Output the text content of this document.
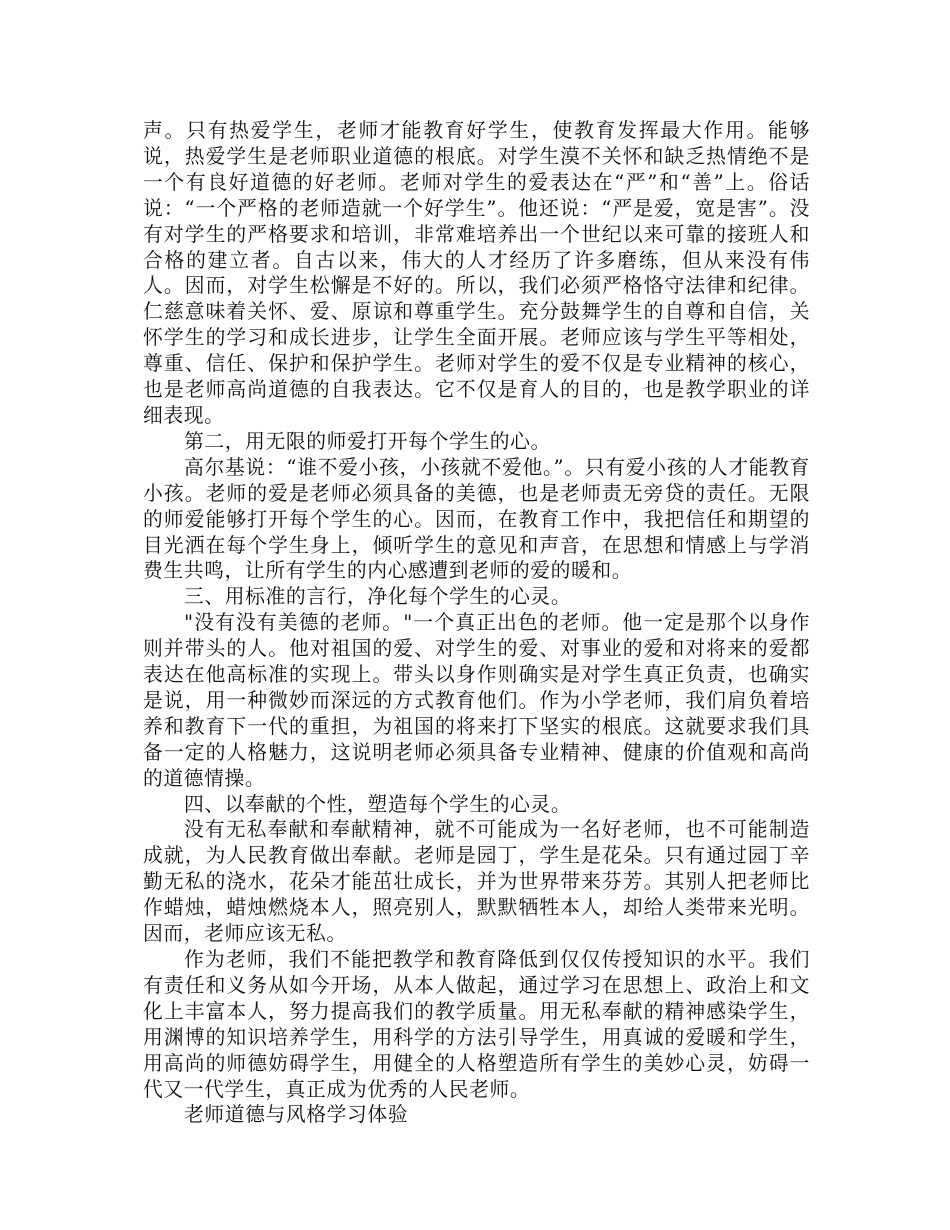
声。只有热爱学生，老师才能教育好学生，使教育发挥最大作用。能够说，热爱学生是老师职业道德的根底。对学生漠不关怀和缺乏热情绝不是一个有良好道德的好老师。老师对学生的爱表达在“严”和“善”上。俗话说：“一个严格的老师造就一个好学生”。他还说：“严是爱，宽是害”。没有对学生的严格要求和培训，非常难培养出一个世纪以来可靠的接班人和合格的建立者。自古以来，伟大的人才经历了许多磨练，但从来没有伟人。因而，对学生松懈是不好的。所以，我们必须严格恪守法律和纪律。仁慈意味着关怀、爱、原谅和尊重学生。充分鼓舞学生的自尊和自信，关怀学生的学习和成长进步，让学生全面开展。老师应该与学生平等相处，尊重、信任、保护和保护学生。老师对学生的爱不仅是专业精神的核心，也是老师高尚道德的自我表达。它不仅是育人的目的，也是教学职业的详细表现。

第二，用无限的师爱打开每个学生的心。

高尔基说：“谁不爱小孩，小孩就不爱他。”。只有爱小孩的人才能教育小孩。老师的爱是老师必须具备的美德，也是老师责无旁贷的责任。无限的师爱能够打开每个学生的心。因而，在教育工作中，我把信任和期望的目光洒在每个学生身上，倾听学生的意见和声音，在思想和情感上与学消费生共鸣，让所有学生的内心感遭到老师的爱的暖和。

三、用标准的言行，净化每个学生的心灵。

"没有没有美德的老师。"一个真正出色的老师。他一定是那个以身作则并带头的人。他对祖国的爱、对学生的爱、对事业的爱和对将来的爱都表达在他高标准的实现上。带头以身作则确实是对学生真正负责，也确实是说，用一种微妙而深远的方式教育他们。作为小学老师，我们肩负着培养和教育下一代的重担，为祖国的将来打下坚实的根底。这就要求我们具备一定的人格魅力，这说明老师必须具备专业精神、健康的价值观和高尚的道德情操。

四、以奉献的个性，塑造每个学生的心灵。

没有无私奉献和奉献精神，就不可能成为一名好老师，也不可能制造成就，为人民教育做出奉献。老师是园丁，学生是花朵。只有通过园丁辛勤无私的浇水，花朵才能茁壮成长，并为世界带来芬芳。其别人把老师比作蜡烛，蜡烛燃烧本人，照亮别人，默默牺牲本人，却给人类带来光明。因而，老师应该无私。

作为老师，我们不能把教学和教育降低到仅仅传授知识的水平。我们有责任和义务从如今开场，从本人做起，通过学习在思想上、政治上和文化上丰富本人，努力提高我们的教学质量。用无私奉献的精神感染学生，用渊博的知识培养学生，用科学的方法引导学生，用真诚的爱暖和学生，用高尚的师德妨碍学生，用健全的人格塑造所有学生的美妙心灵，妨碍一代又一代学生，真正成为优秀的人民老师。

老师道德与风格学习体验
